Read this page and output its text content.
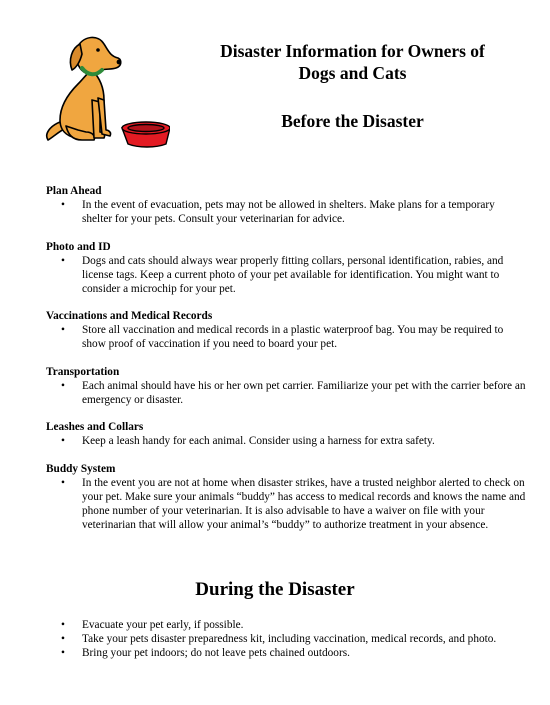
Disaster Information for Owners of
Dogs and Cats
Before the Disaster
Plan Ahead
• In the event of evacuation, pets may not be allowed in shelters. Make plans for a temporary shelter for your pets. Consult your veterinarian for advice.
Photo and ID
• Dogs and cats should always wear properly fitting collars, personal identification, rabies, and license tags. Keep a current photo of your pet available for identification. You might want to consider a microchip for your pet.
Vaccinations and Medical Records
• Store all vaccination and medical records in a plastic waterproof bag. You may be required to show proof of vaccination if you need to board your pet.
Transportation
• Each animal should have his or her own pet carrier. Familiarize your pet with the carrier before an emergency or disaster.
Leashes and Collars
• Keep a leash handy for each animal. Consider using a harness for extra safety.
Buddy System
• In the event you are not at home when disaster strikes, have a trusted neighbor alerted to check on your pet. Make sure your animals “buddy” has access to medical records and knows the name and phone number of your veterinarian. It is also advisable to have a waiver on file with your veterinarian that will allow your animal’s “buddy” to authorize treatment in your absence.
During the Disaster
• Evacuate your pet early, if possible.
• Take your pets disaster preparedness kit, including vaccination, medical records, and photo.
• Bring your pet indoors; do not leave pets chained outdoors.
